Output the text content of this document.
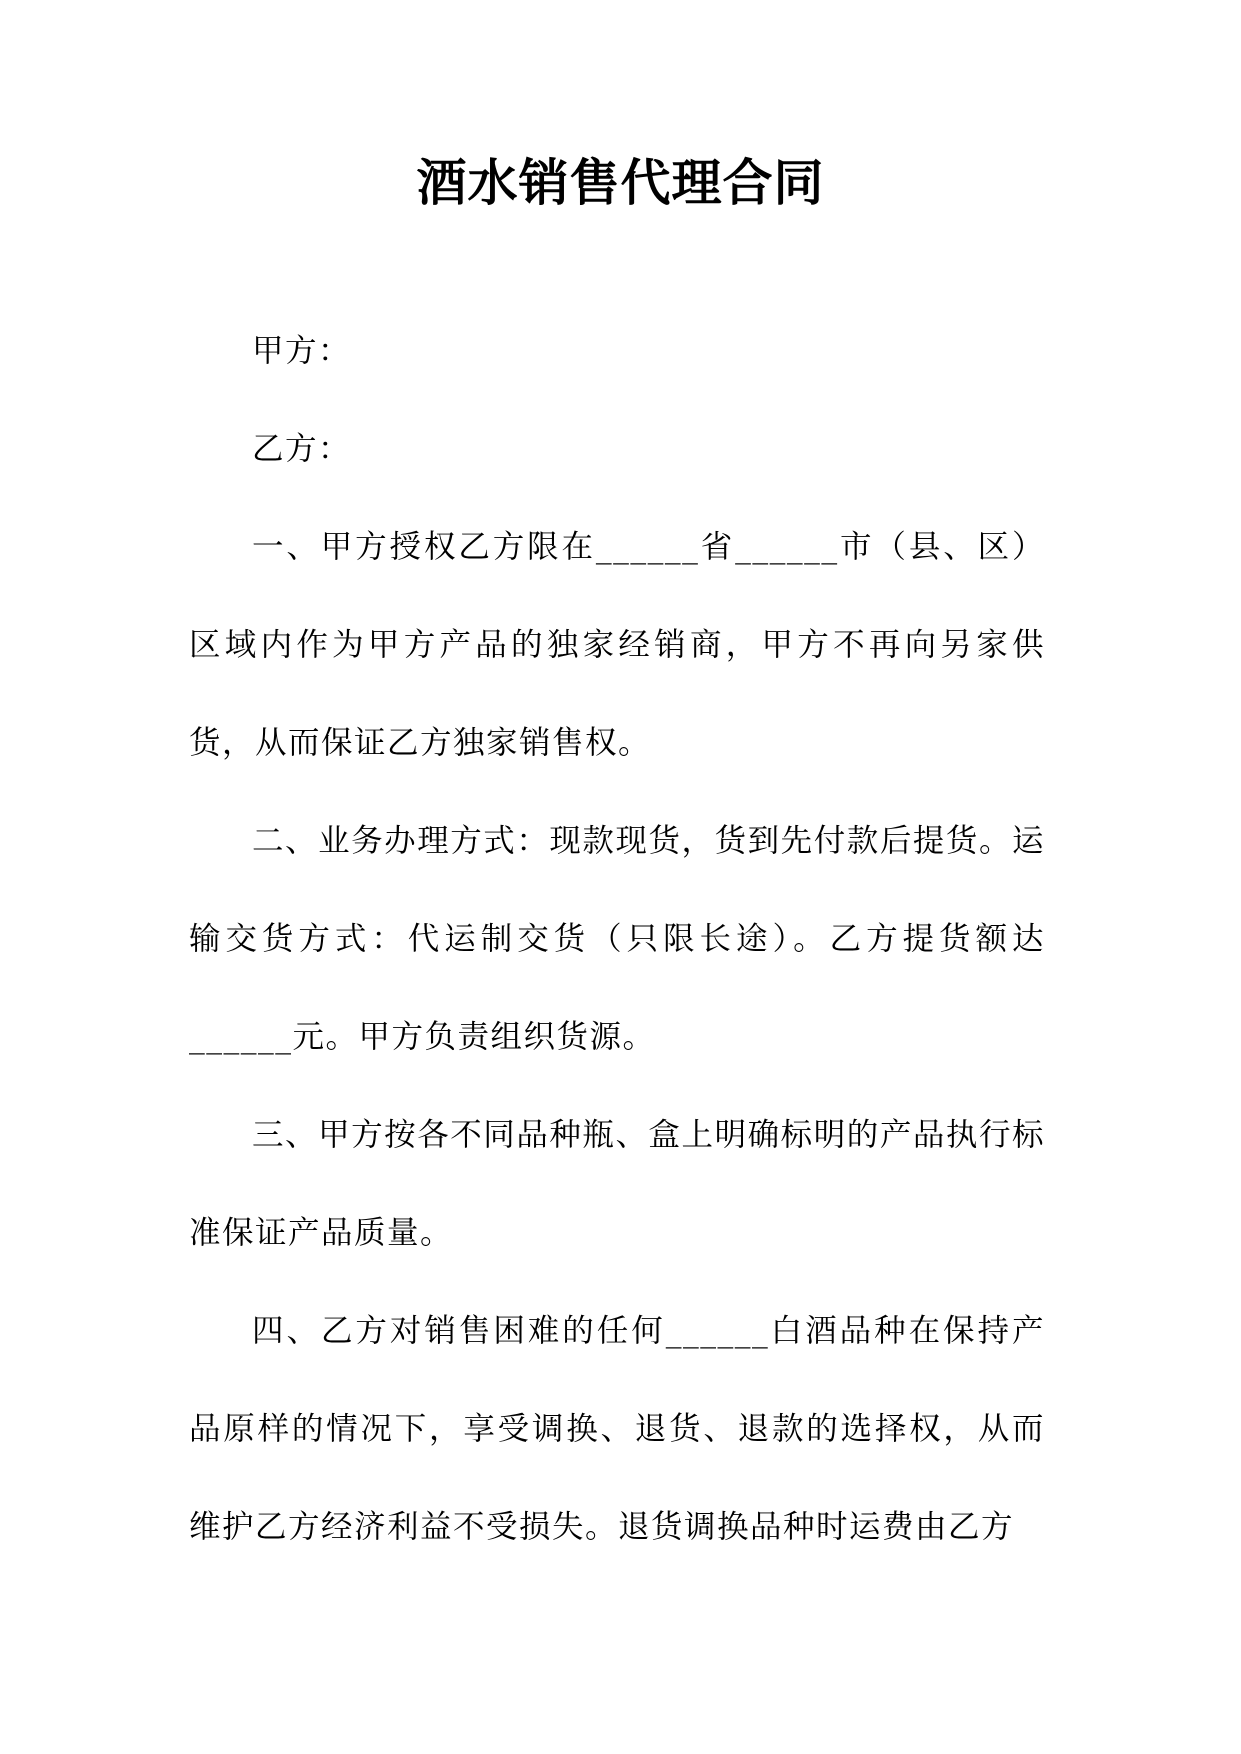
酒水销售代理合同

甲方：

乙方：

一、甲方授权乙方限在______省______市（县、区）区域内作为甲方产品的独家经销商，甲方不再向另家供货，从而保证乙方独家销售权。

二、业务办理方式：现款现货，货到先付款后提货。运输交货方式：代运制交货（只限长途）。乙方提货额达______元。甲方负责组织货源。

三、甲方按各不同品种瓶、盒上明确标明的产品执行标准保证产品质量。

四、乙方对销售困难的任何______白酒品种在保持产品原样的情况下，享受调换、退货、退款的选择权，从而维护乙方经济利益不受损失。退货调换品种时运费由乙方
